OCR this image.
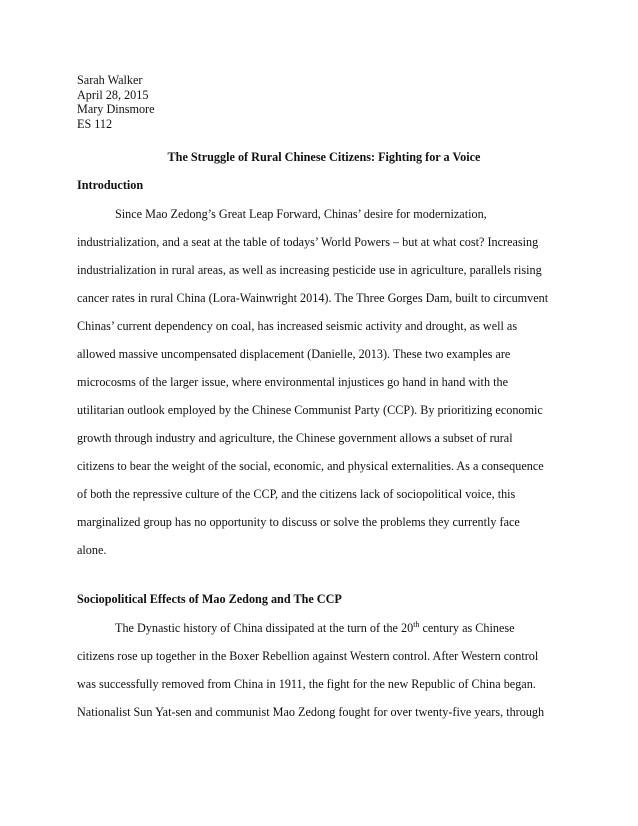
Sarah Walker
April 28, 2015
Mary Dinsmore
ES 112
The Struggle of Rural Chinese Citizens: Fighting for a Voice
Introduction
Since Mao Zedong’s Great Leap Forward, Chinas’ desire for modernization,
industrialization, and a seat at the table of todays’ World Powers – but at what cost? Increasing
industrialization in rural areas, as well as increasing pesticide use in agriculture, parallels rising
cancer rates in rural China (Lora-Wainwright 2014). The Three Gorges Dam, built to circumvent
Chinas’ current dependency on coal, has increased seismic activity and drought, as well as
allowed massive uncompensated displacement (Danielle, 2013). These two examples are
microcosms of the larger issue, where environmental injustices go hand in hand with the
utilitarian outlook employed by the Chinese Communist Party (CCP). By prioritizing economic
growth through industry and agriculture, the Chinese government allows a subset of rural
citizens to bear the weight of the social, economic, and physical externalities. As a consequence
of both the repressive culture of the CCP, and the citizens lack of sociopolitical voice, this
marginalized group has no opportunity to discuss or solve the problems they currently face
alone.
Sociopolitical Effects of Mao Zedong and The CCP
The Dynastic history of China dissipated at the turn of the 20th century as Chinese
citizens rose up together in the Boxer Rebellion against Western control. After Western control
was successfully removed from China in 1911, the fight for the new Republic of China began.
Nationalist Sun Yat-sen and communist Mao Zedong fought for over twenty-five years, through
